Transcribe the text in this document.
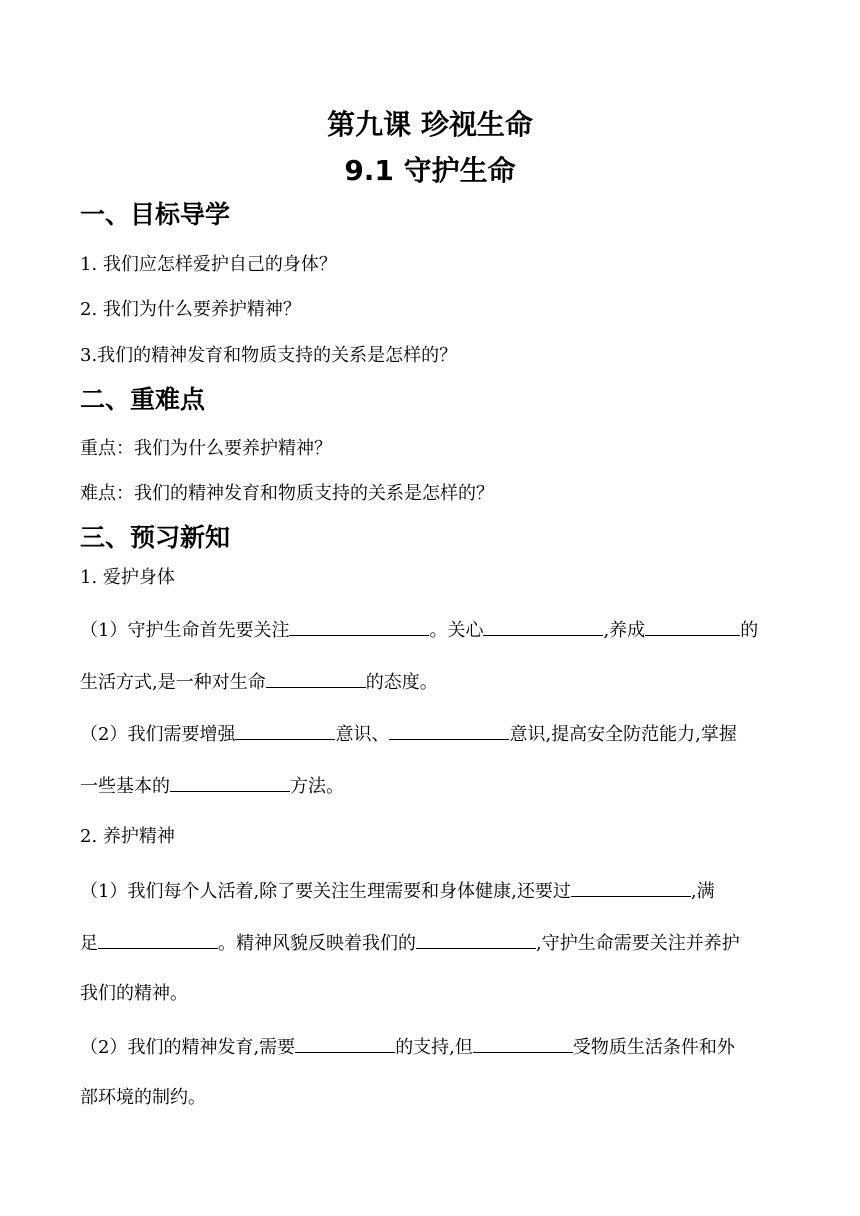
第九课 珍视生命
9.1 守护生命
一、目标导学
1. 我们应怎样爱护自己的身体？
2. 我们为什么要养护精神？
3.我们的精神发育和物质支持的关系是怎样的？
二、重难点
重点：我们为什么要养护精神？
难点：我们的精神发育和物质支持的关系是怎样的？
三、预习新知
1. 爱护身体
（1）守护生命首先要关注	。关心	,养成	的
生活方式,是一种对生命	的态度。
（2）我们需要增强	意识、	意识,提高安全防范能力,掌握
一些基本的	方法。
2. 养护精神
（1）我们每个人活着,除了要关注生理需要和身体健康,还要过	,满
足	。精神风貌反映着我们的	,守护生命需要关注并养护
我们的精神。
（2）我们的精神发育,需要	的支持,但	受物质生活条件和外
部环境的制约。
